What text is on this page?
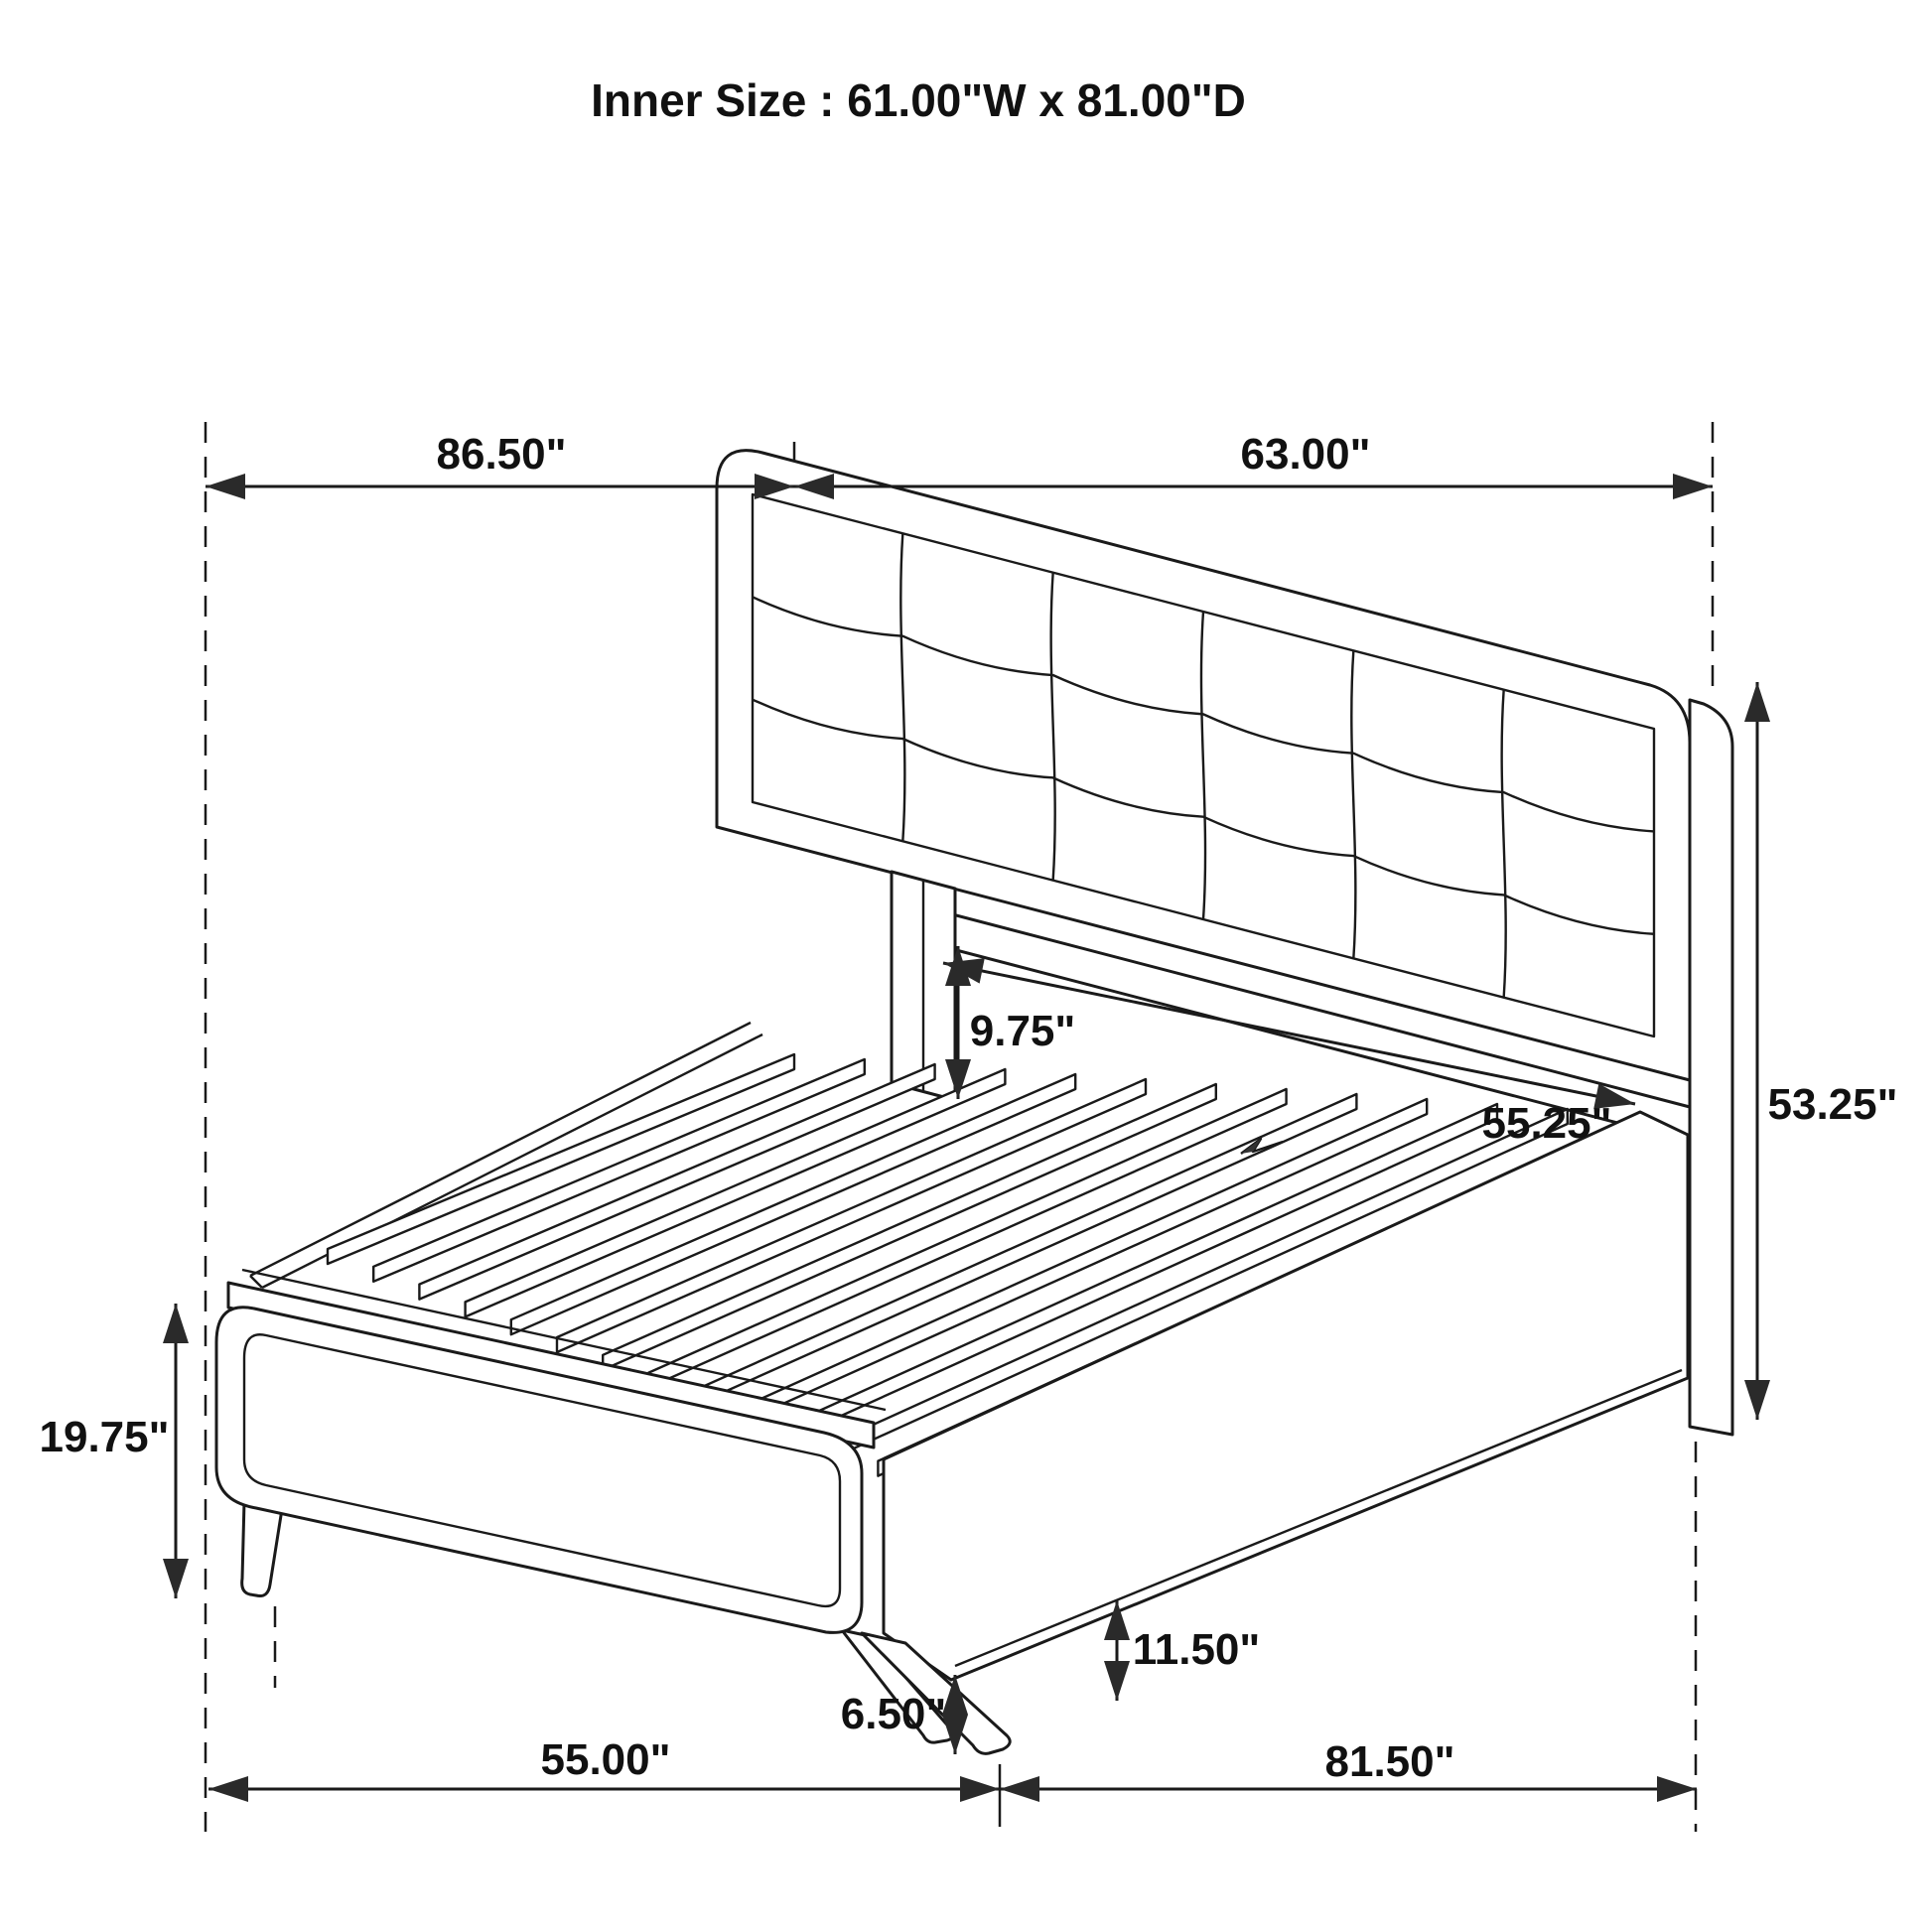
Inner Size : 61.00"W x 81.00"D
86.50"	63.00"
53.25"
19.75"
9.75"
55.25"
6.50"
11.50"
55.00"	81.50"
